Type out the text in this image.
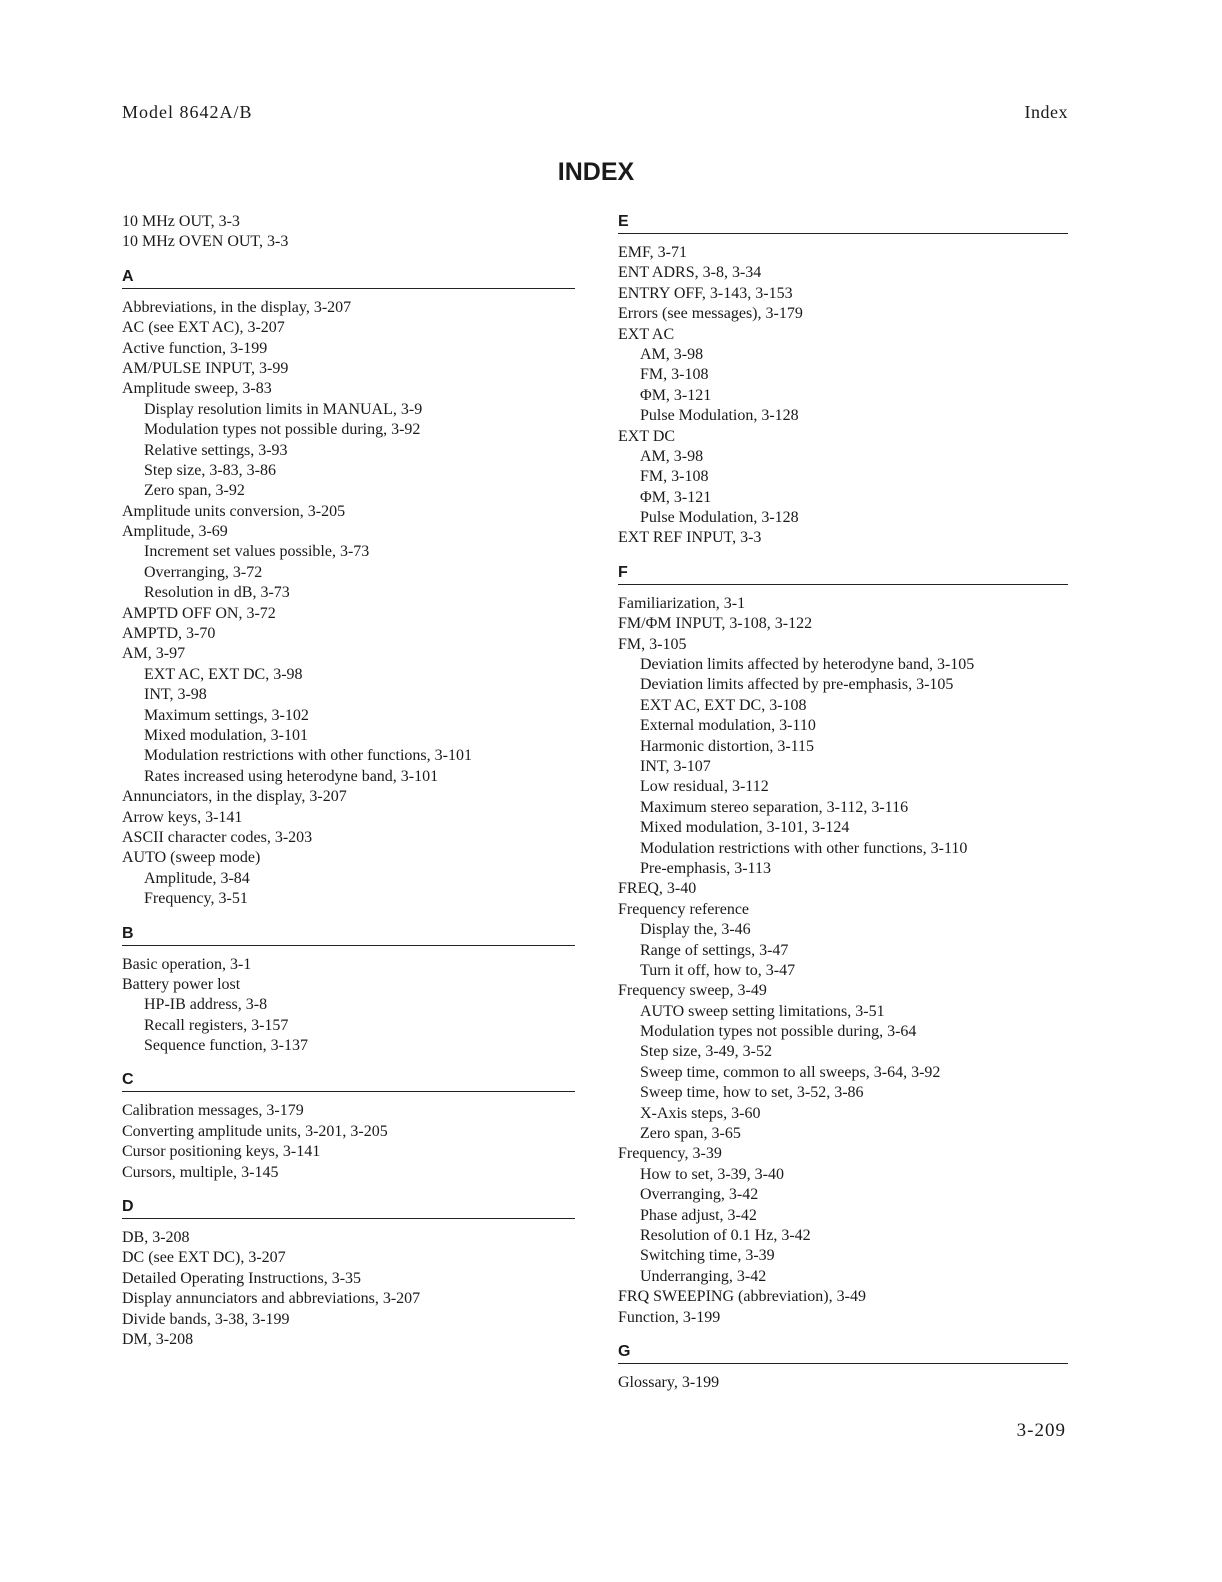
Model 8642A/B	Index
INDEX
10 MHz OUT, 3-3
10 MHz OVEN OUT, 3-3
A
Abbreviations, in the display, 3-207
AC (see EXT AC), 3-207
Active function, 3-199
AM/PULSE INPUT, 3-99
Amplitude sweep, 3-83
Display resolution limits in MANUAL, 3-9
Modulation types not possible during, 3-92
Relative settings, 3-93
Step size, 3-83, 3-86
Zero span, 3-92
Amplitude units conversion, 3-205
Amplitude, 3-69
Increment set values possible, 3-73
Overranging, 3-72
Resolution in dB, 3-73
AMPTD OFF ON, 3-72
AMPTD, 3-70
AM, 3-97
EXT AC, EXT DC, 3-98
INT, 3-98
Maximum settings, 3-102
Mixed modulation, 3-101
Modulation restrictions with other functions, 3-101
Rates increased using heterodyne band, 3-101
Annunciators, in the display, 3-207
Arrow keys, 3-141
ASCII character codes, 3-203
AUTO (sweep mode)
Amplitude, 3-84
Frequency, 3-51
B
Basic operation, 3-1
Battery power lost
HP-IB address, 3-8
Recall registers, 3-157
Sequence function, 3-137
C
Calibration messages, 3-179
Converting amplitude units, 3-201, 3-205
Cursor positioning keys, 3-141
Cursors, multiple, 3-145
D
DB, 3-208
DC (see EXT DC), 3-207
Detailed Operating Instructions, 3-35
Display annunciators and abbreviations, 3-207
Divide bands, 3-38, 3-199
DM, 3-208
E
EMF, 3-71
ENT ADRS, 3-8, 3-34
ENTRY OFF, 3-143, 3-153
Errors (see messages), 3-179
EXT AC
AM, 3-98
FM, 3-108
ΦM, 3-121
Pulse Modulation, 3-128
EXT DC
AM, 3-98
FM, 3-108
ΦM, 3-121
Pulse Modulation, 3-128
EXT REF INPUT, 3-3
F
Familiarization, 3-1
FM/ΦM INPUT, 3-108, 3-122
FM, 3-105
Deviation limits affected by heterodyne band, 3-105
Deviation limits affected by pre-emphasis, 3-105
EXT AC, EXT DC, 3-108
External modulation, 3-110
Harmonic distortion, 3-115
INT, 3-107
Low residual, 3-112
Maximum stereo separation, 3-112, 3-116
Mixed modulation, 3-101, 3-124
Modulation restrictions with other functions, 3-110
Pre-emphasis, 3-113
FREQ, 3-40
Frequency reference
Display the, 3-46
Range of settings, 3-47
Turn it off, how to, 3-47
Frequency sweep, 3-49
AUTO sweep setting limitations, 3-51
Modulation types not possible during, 3-64
Step size, 3-49, 3-52
Sweep time, common to all sweeps, 3-64, 3-92
Sweep time, how to set, 3-52, 3-86
X-Axis steps, 3-60
Zero span, 3-65
Frequency, 3-39
How to set, 3-39, 3-40
Overranging, 3-42
Phase adjust, 3-42
Resolution of 0.1 Hz, 3-42
Switching time, 3-39
Underranging, 3-42
FRQ SWEEPING (abbreviation), 3-49
Function, 3-199
G
Glossary, 3-199
3-209
